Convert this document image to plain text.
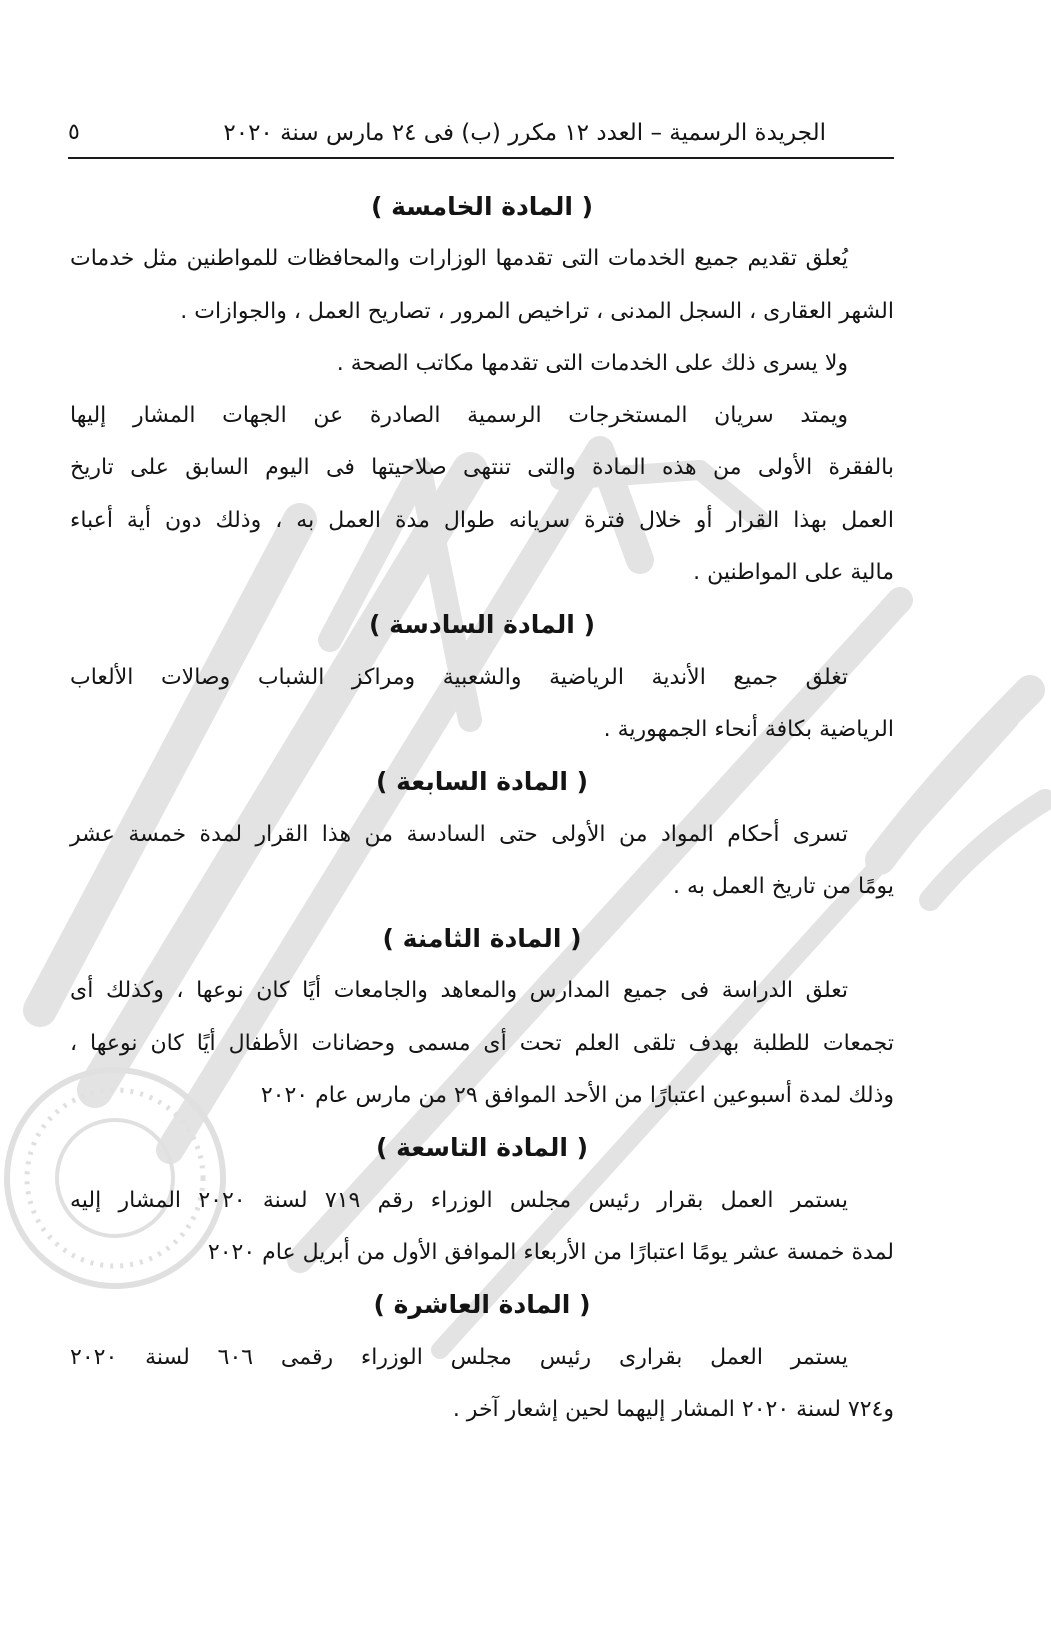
٥	الجريدة الرسمية – العدد ١٢ مكرر (ب) فى ٢٤ مارس سنة ٢٠٢٠
( المادة الخامسة )
يُعلق تقديم جميع الخدمات التى تقدمها الوزارات والمحافظات للمواطنين مثل خدمات
الشهر العقارى ، السجل المدنى ، تراخيص المرور ، تصاريح العمل ، والجوازات .
ولا يسرى ذلك على الخدمات التى تقدمها مكاتب الصحة .
ويمتد سريان المستخرجات الرسمية الصادرة عن الجهات المشار إليها
بالفقرة الأولى من هذه المادة والتى تنتهى صلاحيتها فى اليوم السابق على تاريخ
العمل بهذا القرار أو خلال فترة سريانه طوال مدة العمل به ، وذلك دون أية أعباء
مالية على المواطنين .
( المادة السادسة )
تغلق جميع الأندية الرياضية والشعبية ومراكز الشباب وصالات الألعاب
الرياضية بكافة أنحاء الجمهورية .
( المادة السابعة )
تسرى أحكام المواد من الأولى حتى السادسة من هذا القرار لمدة خمسة عشر
يومًا من تاريخ العمل به .
( المادة الثامنة )
تعلق الدراسة فى جميع المدارس والمعاهد والجامعات أيًا كان نوعها ، وكذلك أى
تجمعات للطلبة بهدف تلقى العلم تحت أى مسمى وحضانات الأطفال أيًا كان نوعها ،
وذلك لمدة أسبوعين اعتبارًا من الأحد الموافق ٢٩ من مارس عام ٢٠٢٠
( المادة التاسعة )
يستمر العمل بقرار رئيس مجلس الوزراء رقم ٧١٩ لسنة ٢٠٢٠ المشار إليه
لمدة خمسة عشر يومًا اعتبارًا من الأربعاء الموافق الأول من أبريل عام ٢٠٢٠
( المادة العاشرة )
يستمر العمل بقرارى رئيس مجلس الوزراء رقمى ٦٠٦ لسنة ٢٠٢٠
و٧٢٤ لسنة ٢٠٢٠ المشار إليهما لحين إشعار آخر .
